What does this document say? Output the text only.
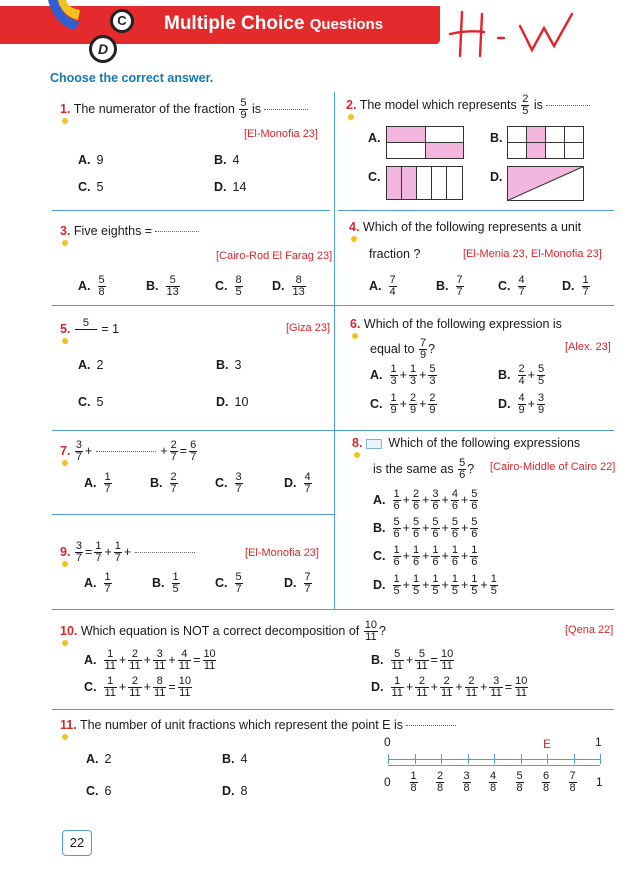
C
D
Multiple Choice Questions
Choose the correct answer.
1. The numerator of the fraction $\frac{5}{9}$ is
[El-Monofia 23]
A. 9	B. 4
C. 5	D. 14
2. The model which represents $\frac{2}{5}$ is
A.	B.
C.	D.
3. Five eighths =
[Cairo-Rod El Farag 23]
A. $\frac{5}{8}$	B. $\frac{5}{13}$	C. $\frac{8}{5} D$. $\frac{8}{13}$
4. Which of the following represents a unit
fraction ?	[El-Menia 23, El-Monofia 23]
A. $\frac{7}{4}$	B. $\frac{7}{7}$	C. $\frac{4}{7}$	D. $\frac{1}{7}$
5. 5
= 1	[Giza 23]
A. 2	B. 3
C. 5	D. 10
6. Which of the following expression is
equal to $\frac{7}{9}$ ?	[Alex. 23]
A. $\frac{1}{3} + \frac{1}{3} + \frac{5}{3}$	B. $\frac{2}{4} + \frac{5}{5}$
C. $\frac{1}{9} + \frac{2}{9} + \frac{2}{9}$	D. $\frac{4}{9} + \frac{3}{9}$
7. $\frac{3}{7}$ +	+ $\frac{2}{7} = \frac{6}{7}$
A. $\frac{1}{7}$	B. $\frac{2}{7}$	C. $\frac{3}{7}$	D. $\frac{4}{7}$
8. Which of the following expressions
is the same as $\frac{5}{6}$ ? [Cairo-Middle of Cairo 22]
A. $\frac{1}{6} + \frac{2}{6} + \frac{3}{6} + \frac{4}{6} + \frac{5}{6}$
B. $\frac{5}{6} + \frac{5}{6} + \frac{5}{6} + \frac{5}{6} + \frac{5}{6}$
C. $\frac{1}{6} + \frac{1}{6} + \frac{1}{6} + \frac{1}{6} + \frac{1}{6}$
D. $\frac{1}{5} + \frac{1}{5} + \frac{1}{5} + \frac{1}{5} + \frac{1}{5} + \frac{1}{5}$
9. $\frac{3}{7} = \frac{1}{7} + \frac{1}{7}$ +	[El-Monofia 23]
A. $\frac{1}{7}$	B. $\frac{1}{5}$	C. $\frac{5}{7}$	D. $\frac{7}{7}$
10. Which equation is NOT a correct decomposition of $\frac{10}{11}$ ?	[Qena 22]
A. $\frac{1}{11} + \frac{2}{11} + \frac{3}{11} + \frac{4}{11} = \frac{10}{11}$	B. $\frac{5}{11} + \frac{5}{11} = \frac{10}{11}$
C. $\frac{1}{11} + \frac{2}{11} + \frac{8}{11} = \frac{10}{11}$	D. $\frac{1}{11} + \frac{2}{11} + \frac{2}{11} + \frac{2}{11} + \frac{3}{11} = \frac{10}{11}$
11. The number of unit fractions which represent the point E is
A. 2	B. 4
C. 6	D. 8
0	1
E
$0 \frac{1}{8} \frac{2}{8} \frac{3}{8} \frac{4}{8} \frac{5}{8} \frac{6}{8} \frac{7}{8} 1$
22
